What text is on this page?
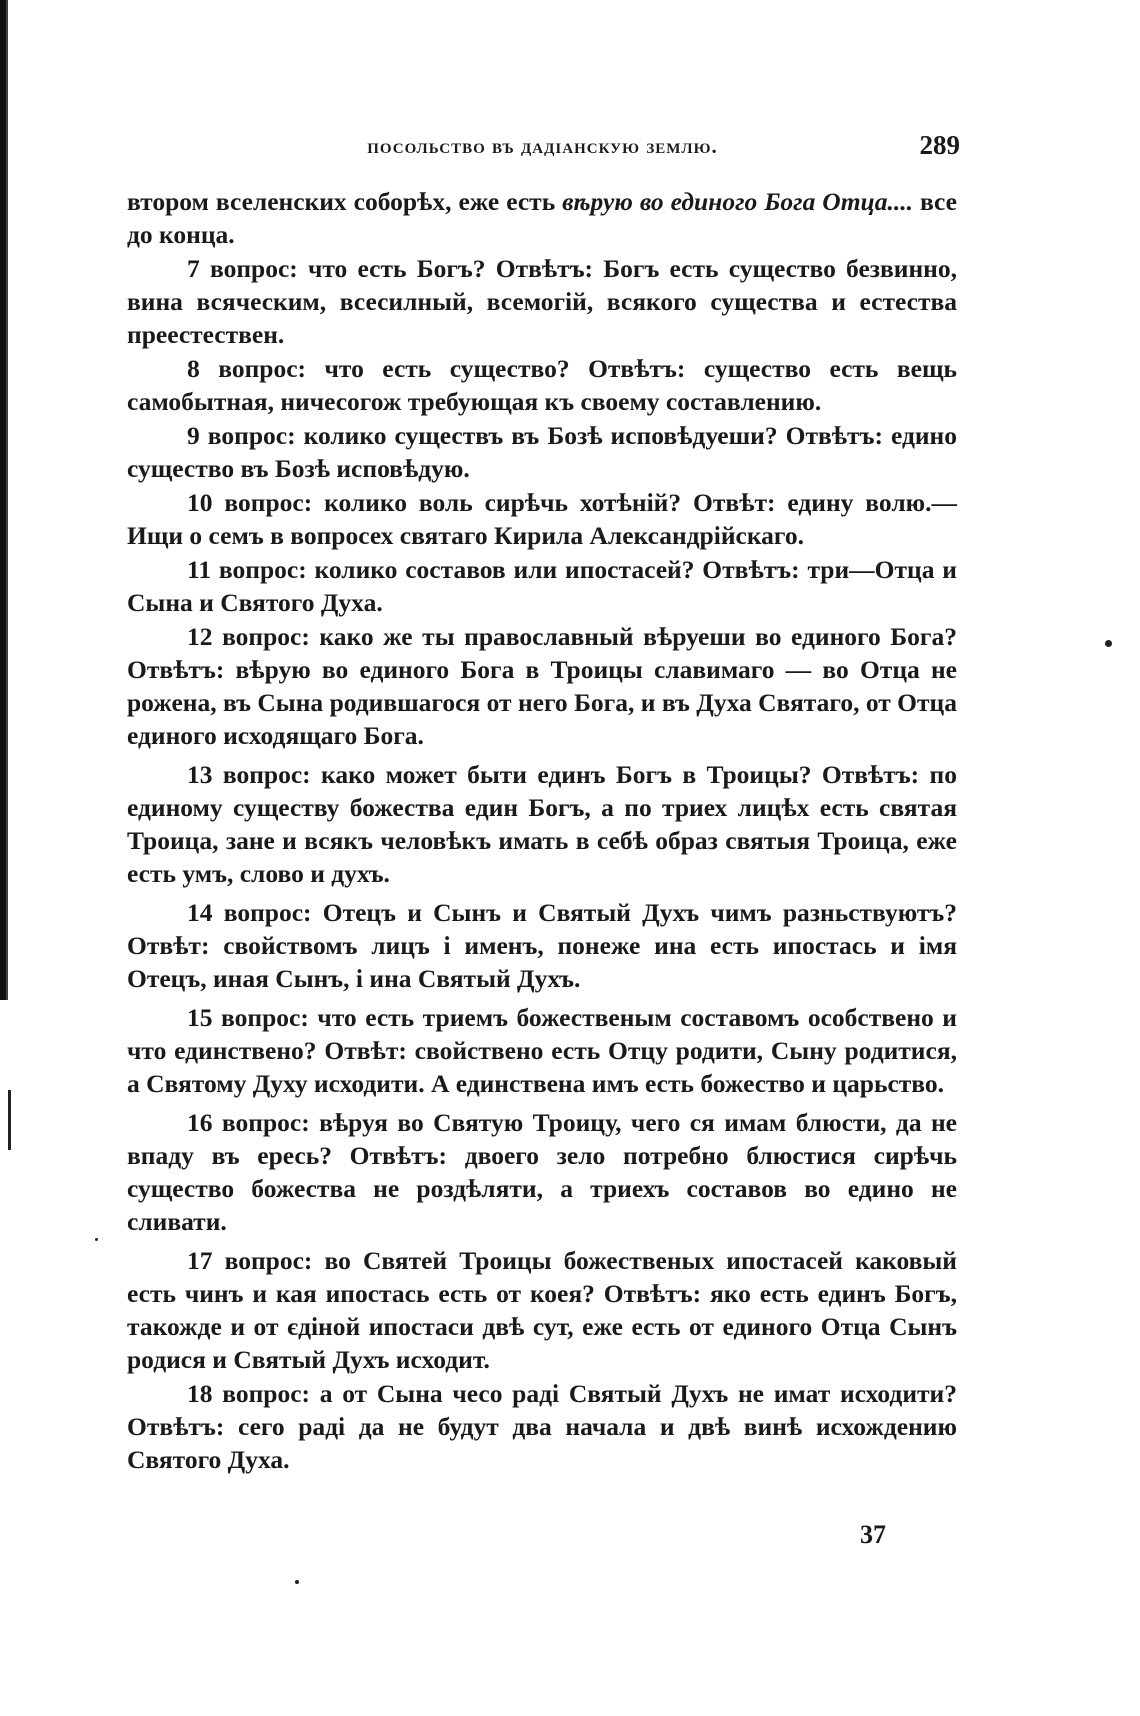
посольство въ дадіанскую землю.	289

втором вселенских соборѣх, еже есть вѣрую во единого Бога Отца.... все до конца.

7 вопрос: что есть Богъ? Отвѣтъ: Богъ есть существо безвинно, вина всяческим, всесилный, всемогій, всякого существа и естества преестествен.

8 вопрос: что есть существо? Отвѣтъ: существо есть вещь самобытная, ничесогож требующая къ своему составлению.

9 вопрос: колико существъ въ Бозѣ исповѣдуеши? Отвѣтъ: едино существо въ Бозѣ исповѣдую.

10 вопрос: колико воль сирѣчь хотѣній? Отвѣт: едину волю.— Ищи о семъ в вопросех святаго Кирила Александрійскаго.

11 вопрос: колико составов или ипостасей? Отвѣтъ: три—Отца и Сына и Святого Духа.

12 вопрос: како же ты православный вѣруеши во единого Бога? Отвѣтъ: вѣрую во единого Бога в Троицы славимаго — во Отца не рожена, въ Сына родившагося от него Бога, и въ Духа Святаго, от Отца единого исходящаго Бога.

13 вопрос: како может быти единъ Богъ в Троицы? Отвѣтъ: по единому существу божества един Богъ, а по триех лицѣх есть святая Троица, зане и всякъ человѣкъ имать в себѣ образ святыя Троица, еже есть умъ, слово и духъ.

14 вопрос: Отецъ и Сынъ и Святый Духъ чимъ разньствуютъ? Отвѣт: свойствомъ лицъ і именъ, понеже ина есть ипостась и імя Отецъ, иная Сынъ, і ина Святый Духъ.

15 вопрос: что есть триемъ божественым составомъ особствено и что единствено? Отвѣт: свойствено есть Отцу родити, Сыну родитися, а Святому Духу исходити. А единствена имъ есть божество и царьство.

16 вопрос: вѣруя во Святую Троицу, чего ся имам блюсти, да не впаду въ ересь? Отвѣтъ: двоего зело потребно блюстися сирѣчь существо божества не роздѣляти, а триехъ составов во едино не сливати.

17 вопрос: во Святей Троицы божественых ипостасей каковый есть чинъ и кая ипостась есть от коея? Отвѣтъ: яко есть единъ Богъ, такожде и от єдіной ипостаси двѣ сут, еже есть от единого Отца Сынъ родися и Святый Духъ исходит.

18 вопрос: а от Сына чесо раді Святый Духъ не имат исходити? Отвѣтъ: сего раді да не будут два начала и двѣ винѣ исхождению Святого Духа.

37
